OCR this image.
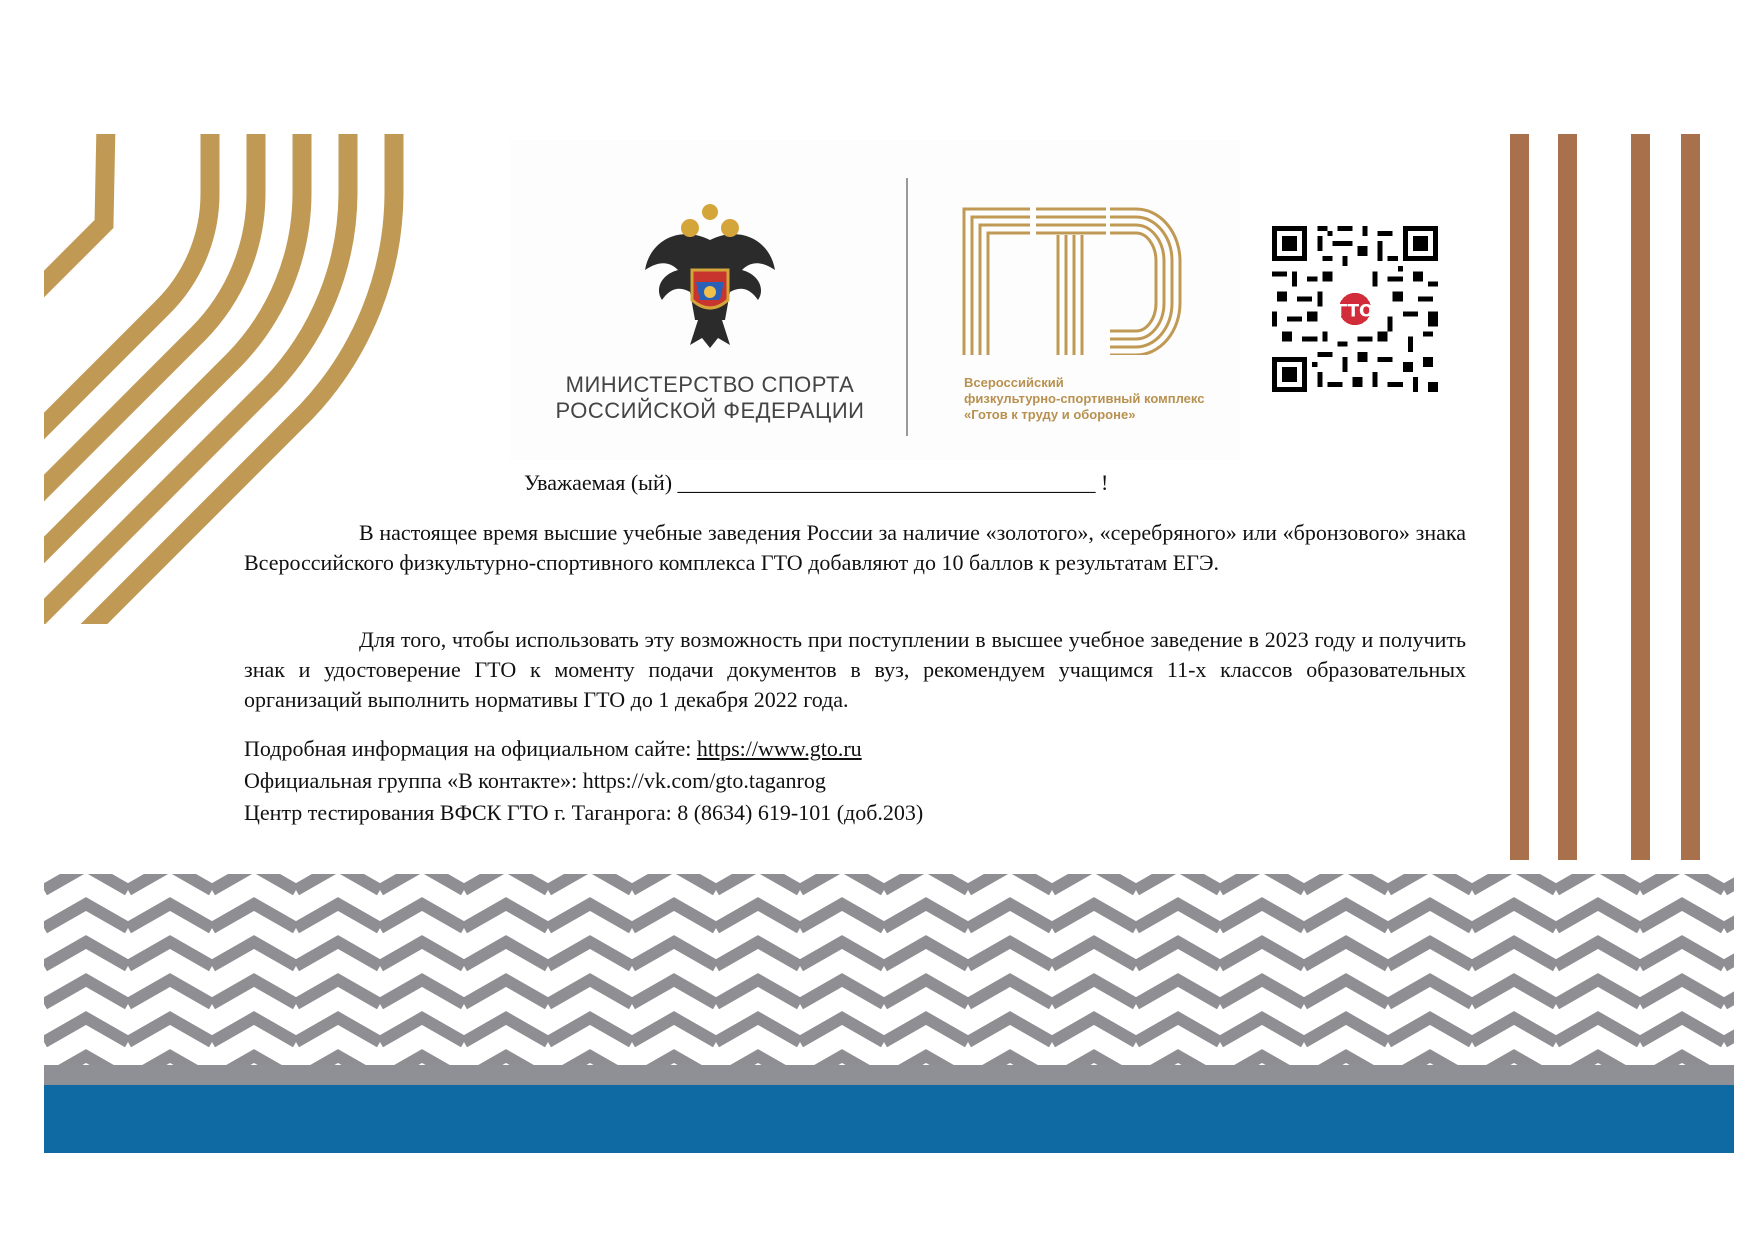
МИНИСТЕРСТВО СПОРТА
РОССИЙСКОЙ ФЕДЕРАЦИИ
Всероссийский
физкультурно-спортивный комплекс
«Готов к труду и обороне»
ГТО
Уважаемая (ый) ______________________________________ !
В настоящее время высшие учебные заведения России за наличие «золотого», «серебряного» или «бронзового» знака Всероссийского физкультурно-спортивного комплекса ГТО добавляют до 10 баллов к результатам ЕГЭ.
Для того, чтобы использовать эту возможность при поступлении в высшее учебное заведение в 2023 году и получить знак и удостоверение ГТО к моменту подачи документов в вуз, рекомендуем учащимся 11-х классов образовательных организаций выполнить нормативы ГТО до 1 декабря 2022 года.
Подробная информация на официальном сайте: https://www.gto.ru
Официальная группа «В контакте»: https://vk.com/gto.taganrog
Центр тестирования ВФСК ГТО г. Таганрога: 8 (8634) 619-101 (доб.203)
